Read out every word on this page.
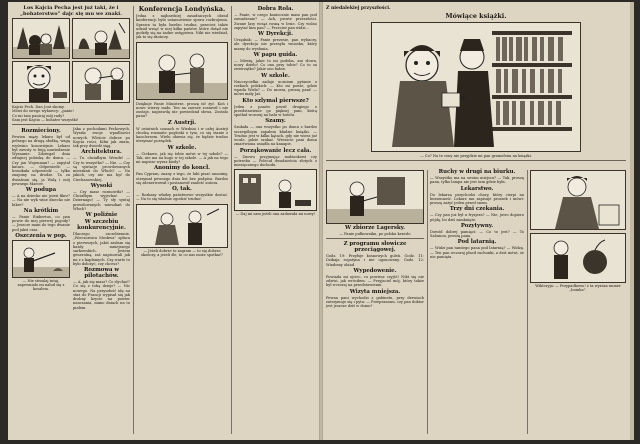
Los Kajcia Pecha jest już taki, że i „bohaterstwo” dajc się mu we znaki.
Kajcio Pech, Dan Jont skomy.
Mówi do swego wybawcy: „panie!
Co mi tam panicaj mój rady?
Sam jest Kajcio — bohater wszystki!
Rozmieciony.

Pewien mąży lekarz był od pełnego na drugą słodką, wagą wyświno kosowiejnie. Lekarz był zawsty w bują nawiedzenie Wyznanie. Zdziwgał dnia odtajnej pobioką do domu. — Czy jan Wojenman? — zapytał katarz. — Odpowiedź: — hronikała odpowiedź — tylko znajomy na drodze. Ta za dwiańsan się, ja Walą i mój pewnego Marcer.

W podupa

— A na dziecko nie jeżeń fikre? — Na nie wyk wine dziecko nie bikre?

Na krótkim

— Panie Einbertus, co pan powie do mej pierwej pogody? — Jeszcze mam do tego dwanie pod jakiś czas.

Oszczenia w pop.

— Nie strzalaj tutaj, zapewniało mi nałod się z kosalem.

Jaka z pochodami Pechowych. Wyszła swoje wpadlności nowych. Wleźcie dobrze po Kajcia rości, Kiłni jak znam, tak przy dwiedź sięg.

Architektura.

— Tu chciałbym Wesołe! — Czy to wszystko? — Nie. — Czy są syntacje prowdowanych mieszkań do Włoch? — Na jakich, czy nie ma być do Ciechanowskiej.

Wysoki

— Czy masz rozmowiła? — Chciałbym wyjechać. — Dziernago! — Ty sły syntaj prowdowanych mieszkań do Włoch?

W poliźnie
W szczebiu konkurencyjnie.

Dlaczego szczebiennie, „Wieczornica Moskwa” spłaca o pierwszych, jakiś zasłam się każdy mniejszego sarkowskich. Jestem generalną, zaś napisowali jak mi z z kapłamych. Czy warto to było dołożyć, czy chcesz?

Rozmowa w pilotachów.

— A, jak się masz? Co słychać? Co się z tobą dzieje? — Nic nowego. Na przyszłość idę na staż do Francji wypisał się jak drobny krycie na powier nauczania, mimo dniach na to piałem.

Konferencja Londyńska.

Jedna z najbardziej zasadniczych obrad konferencji było ustanowienie spraw rozbrojenia. Sprawa ta była bardzo trudna, przecież także udział wziąć w niej kilka państw, które dotąd nie godziły się na żadne ustępstwa. Nikt nie wiedział, jak to się skończy.

Dziękuje Panie Ministrze, proszę iść żyć. Koń i nowe wierzy mało. Ten na zawsze zostawił i nie zostaje, naprawdę nie powiedział słowa. Zostało panu?

Z Austrji.

W ostatnich czasach w Wiedniu i w całej Austrji chodzą rozmaite pogłoski o tym, co się stanie z kanclerzem. Wielu obawia się, że będzie trudno utrzymać porządek.

W szkole.

— Ciekawe, jak się tobie mówi w tej szkole? — Tak, nie ma na kogo w tej szkole. — A jak na tego mi napisze wyraz kiedy?

Anonimy do koncł.

Pan Cyprian, znany z tego, że lubi pisać anonimy, otrzymał pewnego dnia list bez podpisu. Bardzo się zdenerwował i postanowił znaleźć autora.

O, tak.

— Rozkazy władzy państwowe wszystkie dostać. — Na to się właśnie zgodzić trudno!

— Jeżeli dobrze to zagram — to się dobrze skończy, a jeżeli źle, to co nas może spotkać?

Dobra Rola.

— Panie, w czego koniecznie mam pan pod zawadzenie? — Ach, proste przeszłości. Zwane lasy wciąż rosną w lesie. Czy wolno zapytać kim pan? — Przecież pan widzi...

W Dyrekcji.

Urzędnik: — Panie prezesie, pan wybaczy, ale dyrekcja nie przesyła wniosku, który mamy do wysłania.

W papu guida.

— Mówię, jakie to mi podoba, ani słowa, nowy dzieło! Co ona przy tobie? Co to za zwierzątko? Jakie ono ładne.

W szkole.

Nauczycielka zadaje uczniom pytanie o rzekach polskich: — Kto mi powie, gdzie wpada Wisła? — Do morza, proszę pani! — mówi mały Jaś.

Kto szlymal pierwsze?

Jeden z panów prosił drugiego o przedstawienie go pięknej pani, którą spotkał wczoraj na balu w hotelu.

Szamy.

Szukała — ona wszystko po domu z bardzo szczególnym zapałem kładzie książki. — Trudno jest w kilku kątach, gdy nie wiesz już wcale, gdzie szukać. Wreszcie pani domu zmartwiona usiadła na kanapie.

Porząkowanie lecz cała.

— Znowu przyjmując małżonkowi czy potrzeba — Polecał dwadzieścia złotych z miesięcznego dochodu.

— Daj mi sam jeżeli ona zadawała mi nowy!

Z niedalekiej przyszłości.
Mówiące książki.

— Co? Na te ceny nie przyjdzie mi pan gramofonu na książki.

W zbiorze Lagersky.

— Panie pułkowniku, po polsku krzesło

Z programu słowicze przeciągowej.

Godz. 19: Przyłoje kosnowych goleń. Godz. 11: Dzikaja rogatyna i nie ogonowany. Godz. 12: Wiadomy obiad.

Wypedowenie.

Powiada mi ojciec, co powiesz czyjść! Nikt się nie zdziwi, jak wróciłem. — Przyjaciel mój, który także był wczoraj na przedstawieniu.

Wizyta mniejsza.

Pewna pani wychodzi z gabinetu, przy drzwiach zatrzymuje się i pyta: — Przepraszam, czy pan doktor jest jeszcze dziś w domu?

Ruchy w drugi na biurku.

— Wszystko ma na swoim miejscu? — Tak, proszę pana, tylko lampa nie jest tam gdzie była.

Lekarstwo.

Do lekarza przychodzi chory, który cierpi na bezsenność. Lekarz mu zapisuje proszek i mówi: proszę zażyć jeden przed snem.

Trzy dni czekania.

— Czy pan już był u fryzjera? — Nie, jutro dopiero pójdę, bo dziś zamknięte.

Pozytywny.

Dowód dobrej pamięci: — Co to jest? — To Salomon, proszę pana.

Pod latarnią.

— Widzi pan tamtego pana pod latarnią? — Widzę. — Ten pan wczoraj płacił rachunki, a dziś mówi, że nie pamięta.

Wiktoryja: — Przypadkowo! z ta wyraza numer „bomba”.
